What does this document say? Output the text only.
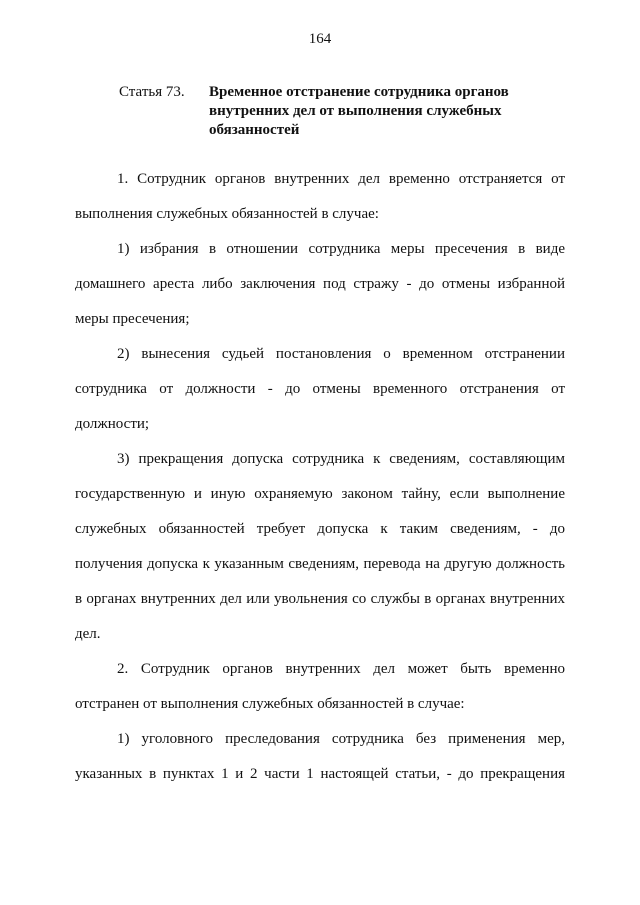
164
Статья 73.	Временное отстранение сотрудника органов внутренних дел от выполнения служебных обязанностей

1. Сотрудник органов внутренних дел временно отстраняется от выполнения служебных обязанностей в случае:

1) избрания в отношении сотрудника меры пресечения в виде домашнего ареста либо заключения под стражу - до отмены избранной меры пресечения;

2) вынесения судьей постановления о временном отстранении сотрудника от должности - до отмены временного отстранения от должности;

3) прекращения допуска сотрудника к сведениям, составляющим государственную и иную охраняемую законом тайну, если выполнение служебных обязанностей требует допуска к таким сведениям, - до получения допуска к указанным сведениям, перевода на другую должность в органах внутренних дел или увольнения со службы в органах внутренних дел.

2. Сотрудник органов внутренних дел может быть временно отстранен от выполнения служебных обязанностей в случае:

1) уголовного преследования сотрудника без применения мер, указанных в пунктах 1 и 2 части 1 настоящей статьи, - до прекращения
